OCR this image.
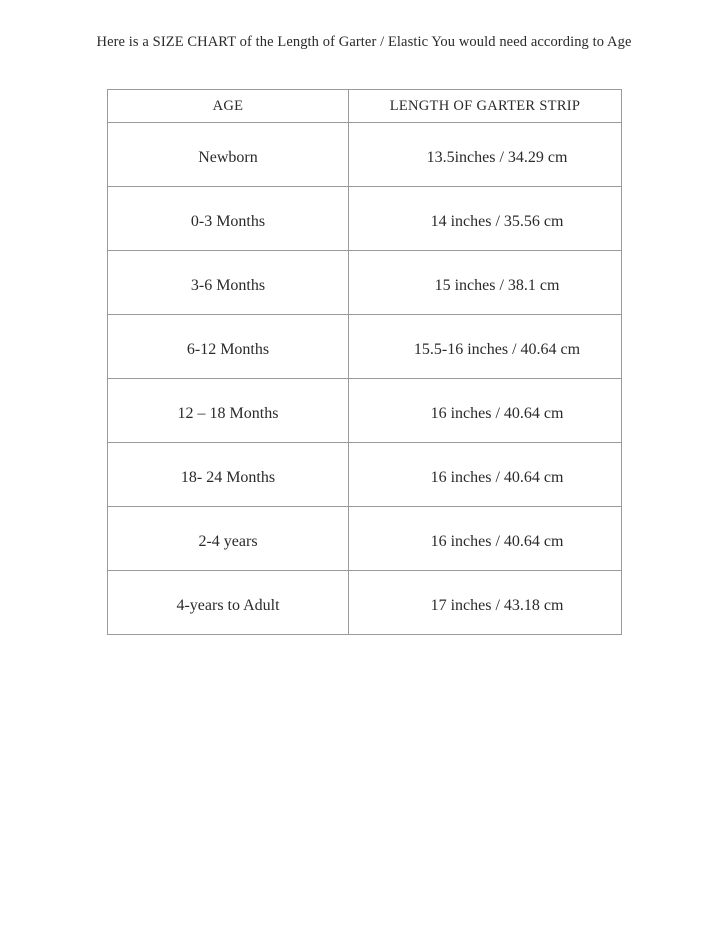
Here is a SIZE CHART of the Length of Garter / Elastic You would need according to Age
AGE	LENGTH OF GARTER STRIP
Newborn	13.5inches / 34.29 cm
0-3 Months	14 inches / 35.56 cm
3-6 Months	15 inches / 38.1 cm
6-12 Months	15.5-16 inches / 40.64 cm
12 – 18 Months	16 inches / 40.64 cm
18- 24 Months	16 inches / 40.64 cm
2-4 years	16 inches / 40.64 cm
4-years to Adult	17 inches / 43.18 cm
